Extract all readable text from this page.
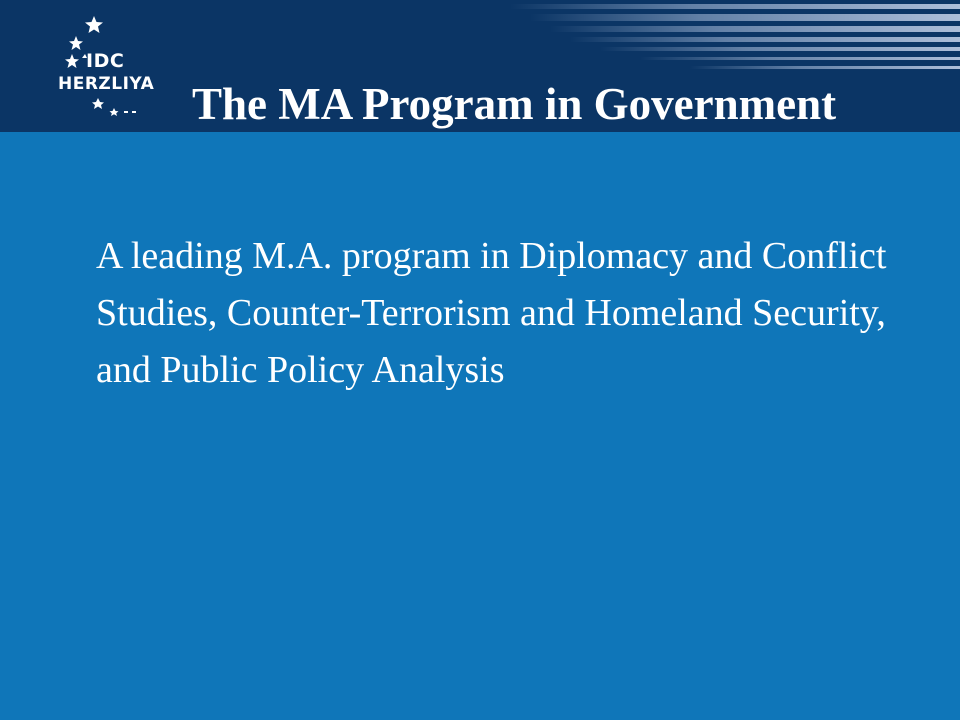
IDC
HERZLIYA The MA Program in Government

A leading M.A. program in Diplomacy and Conflict Studies, Counter-Terrorism and Homeland Security, and Public Policy Analysis
